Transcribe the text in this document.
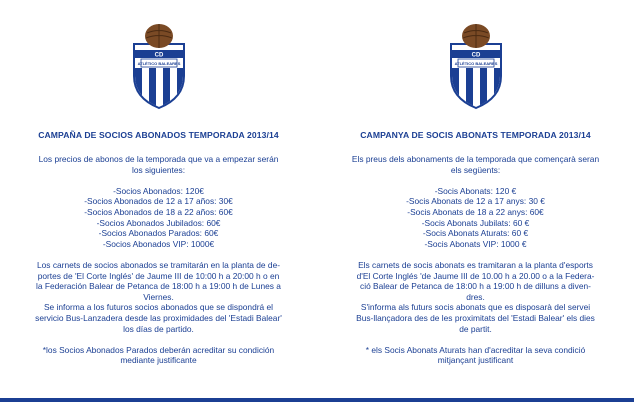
CD
ATLÉTICO BALEARES
CAMPAÑA DE SOCIOS ABONADOS TEMPORADA 2013/14

Los precios de abonos de la temporada que va a empezar serán

los siguientes:

-Socios Abonados: 120€

-Socios Abonados de 12 a 17 años: 30€

-Socios Abonados de 18 a 22 años: 60€

-Socios Abonados Jubilados: 60€

-Socios Abonados Parados: 60€

-Socios Abonados VIP: 1000€

Los carnets de socios abonados se tramitarán en la planta de de-

portes de 'El Corte Inglés' de Jaume III de 10:00 h a 20:00 h o en

la Federación Balear de Petanca de 18:00 h a 19:00 h de Lunes a

Viernes.

Se informa a los futuros socios abonados que se dispondrá el

servicio Bus-Lanzadera desde las proximidades del 'Estadi Balear'

los días de partido.

*los Socios Abonados Parados deberán acreditar su condición

mediante justificante

CD
ATLÉTICO BALEARES
CAMPANYA DE SOCIS ABONATS TEMPORADA 2013/14

Els preus dels abonaments de la temporada que començarà seran

els següents:

-Socis Abonats: 120 €

-Socis Abonats de 12 a 17 anys: 30 €

-Socis Abonats de 18 a 22 anys: 60€

-Socis Abonats Jubilats: 60 €

-Socis Abonats Aturats: 60 €

-Socis Abonats VIP: 1000 €

Els carnets de socis abonats es tramitaran a la planta d'esports

d'El Corte Inglés 'de Jaume III de 10.00 h a 20.00 o a la Federa-

ció Balear de Petanca de 18:00 h a 19:00 h de dilluns a diven-

dres.

S'informa als futurs socis abonats que es disposarà del servei

Bus-llançadora des de les proximitats del 'Estadi Balear' els dies

de partit.

* els Socis Abonats Aturats han d'acreditar la seva condició

mitjançant justificant
